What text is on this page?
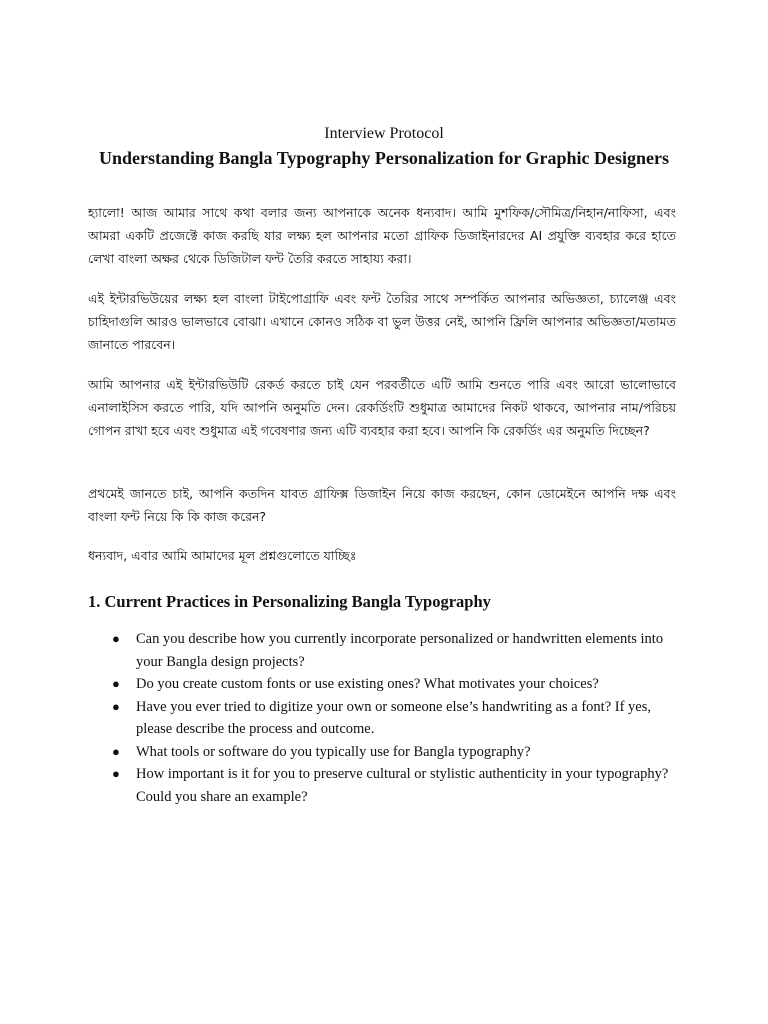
Interview Protocol
Understanding Bangla Typography Personalization for Graphic Designers

হ্যালো! আজ আমার সাথে কথা বলার জন্য আপনাকে অনেক ধন্যবাদ। আমি মুশফিক/সৌমিত্র/নিহান/নাফিসা, এবং আমরা একটি প্রজেক্টে কাজ করছি যার লক্ষ্য হল আপনার মতো গ্রাফিক ডিজাইনারদের AI প্রযুক্তি ব্যবহার করে হাতে লেখা বাংলা অক্ষর থেকে ডিজিটাল ফন্ট তৈরি করতে সাহায্য করা।

এই ইন্টারভিউয়ের লক্ষ্য হল বাংলা টাইপোগ্রাফি এবং ফন্ট তৈরির সাথে সম্পর্কিত আপনার অভিজ্ঞতা, চ্যালেঞ্জ এবং চাহিদাগুলি আরও ভালভাবে বোঝা। এখানে কোনও সঠিক বা ভুল উত্তর নেই, আপনি ফ্রিলি আপনার অভিজ্ঞতা/মতামত জানাতে পারবেন।

আমি আপনার এই ইন্টারভিউটি রেকর্ড করতে চাই যেন পরবর্তীতে এটি আমি শুনতে পারি এবং আরো ভালোভাবে এনালাইসিস করতে পারি, যদি আপনি অনুমতি দেন। রেকর্ডিংটি শুধুমাত্র আমাদের নিকট থাকবে, আপনার নাম/পরিচয় গোপন রাখা হবে এবং শুধুমাত্র এই গবেষণার জন্য এটি ব্যবহার করা হবে। আপনি কি রেকর্ডিং এর অনুমতি দিচ্ছেন?

প্রথমেই জানতে চাই, আপনি কতদিন যাবত গ্রাফিক্স ডিজাইন নিয়ে কাজ করছেন, কোন ডোমেইনে আপনি দক্ষ এবং বাংলা ফন্ট নিয়ে কি কি কাজ করেন?

ধন্যবাদ, এবার আমি আমাদের মূল প্রশ্নগুলোতে যাচ্ছিঃ

1. Current Practices in Personalizing Bangla Typography
● Can you describe how you currently incorporate personalized or handwritten elements into your Bangla design projects?
● Do you create custom fonts or use existing ones? What motivates your choices?
● Have you ever tried to digitize your own or someone else’s handwriting as a font? If yes, please describe the process and outcome.
● What tools or software do you typically use for Bangla typography?
● How important is it for you to preserve cultural or stylistic authenticity in your typography? Could you share an example?
